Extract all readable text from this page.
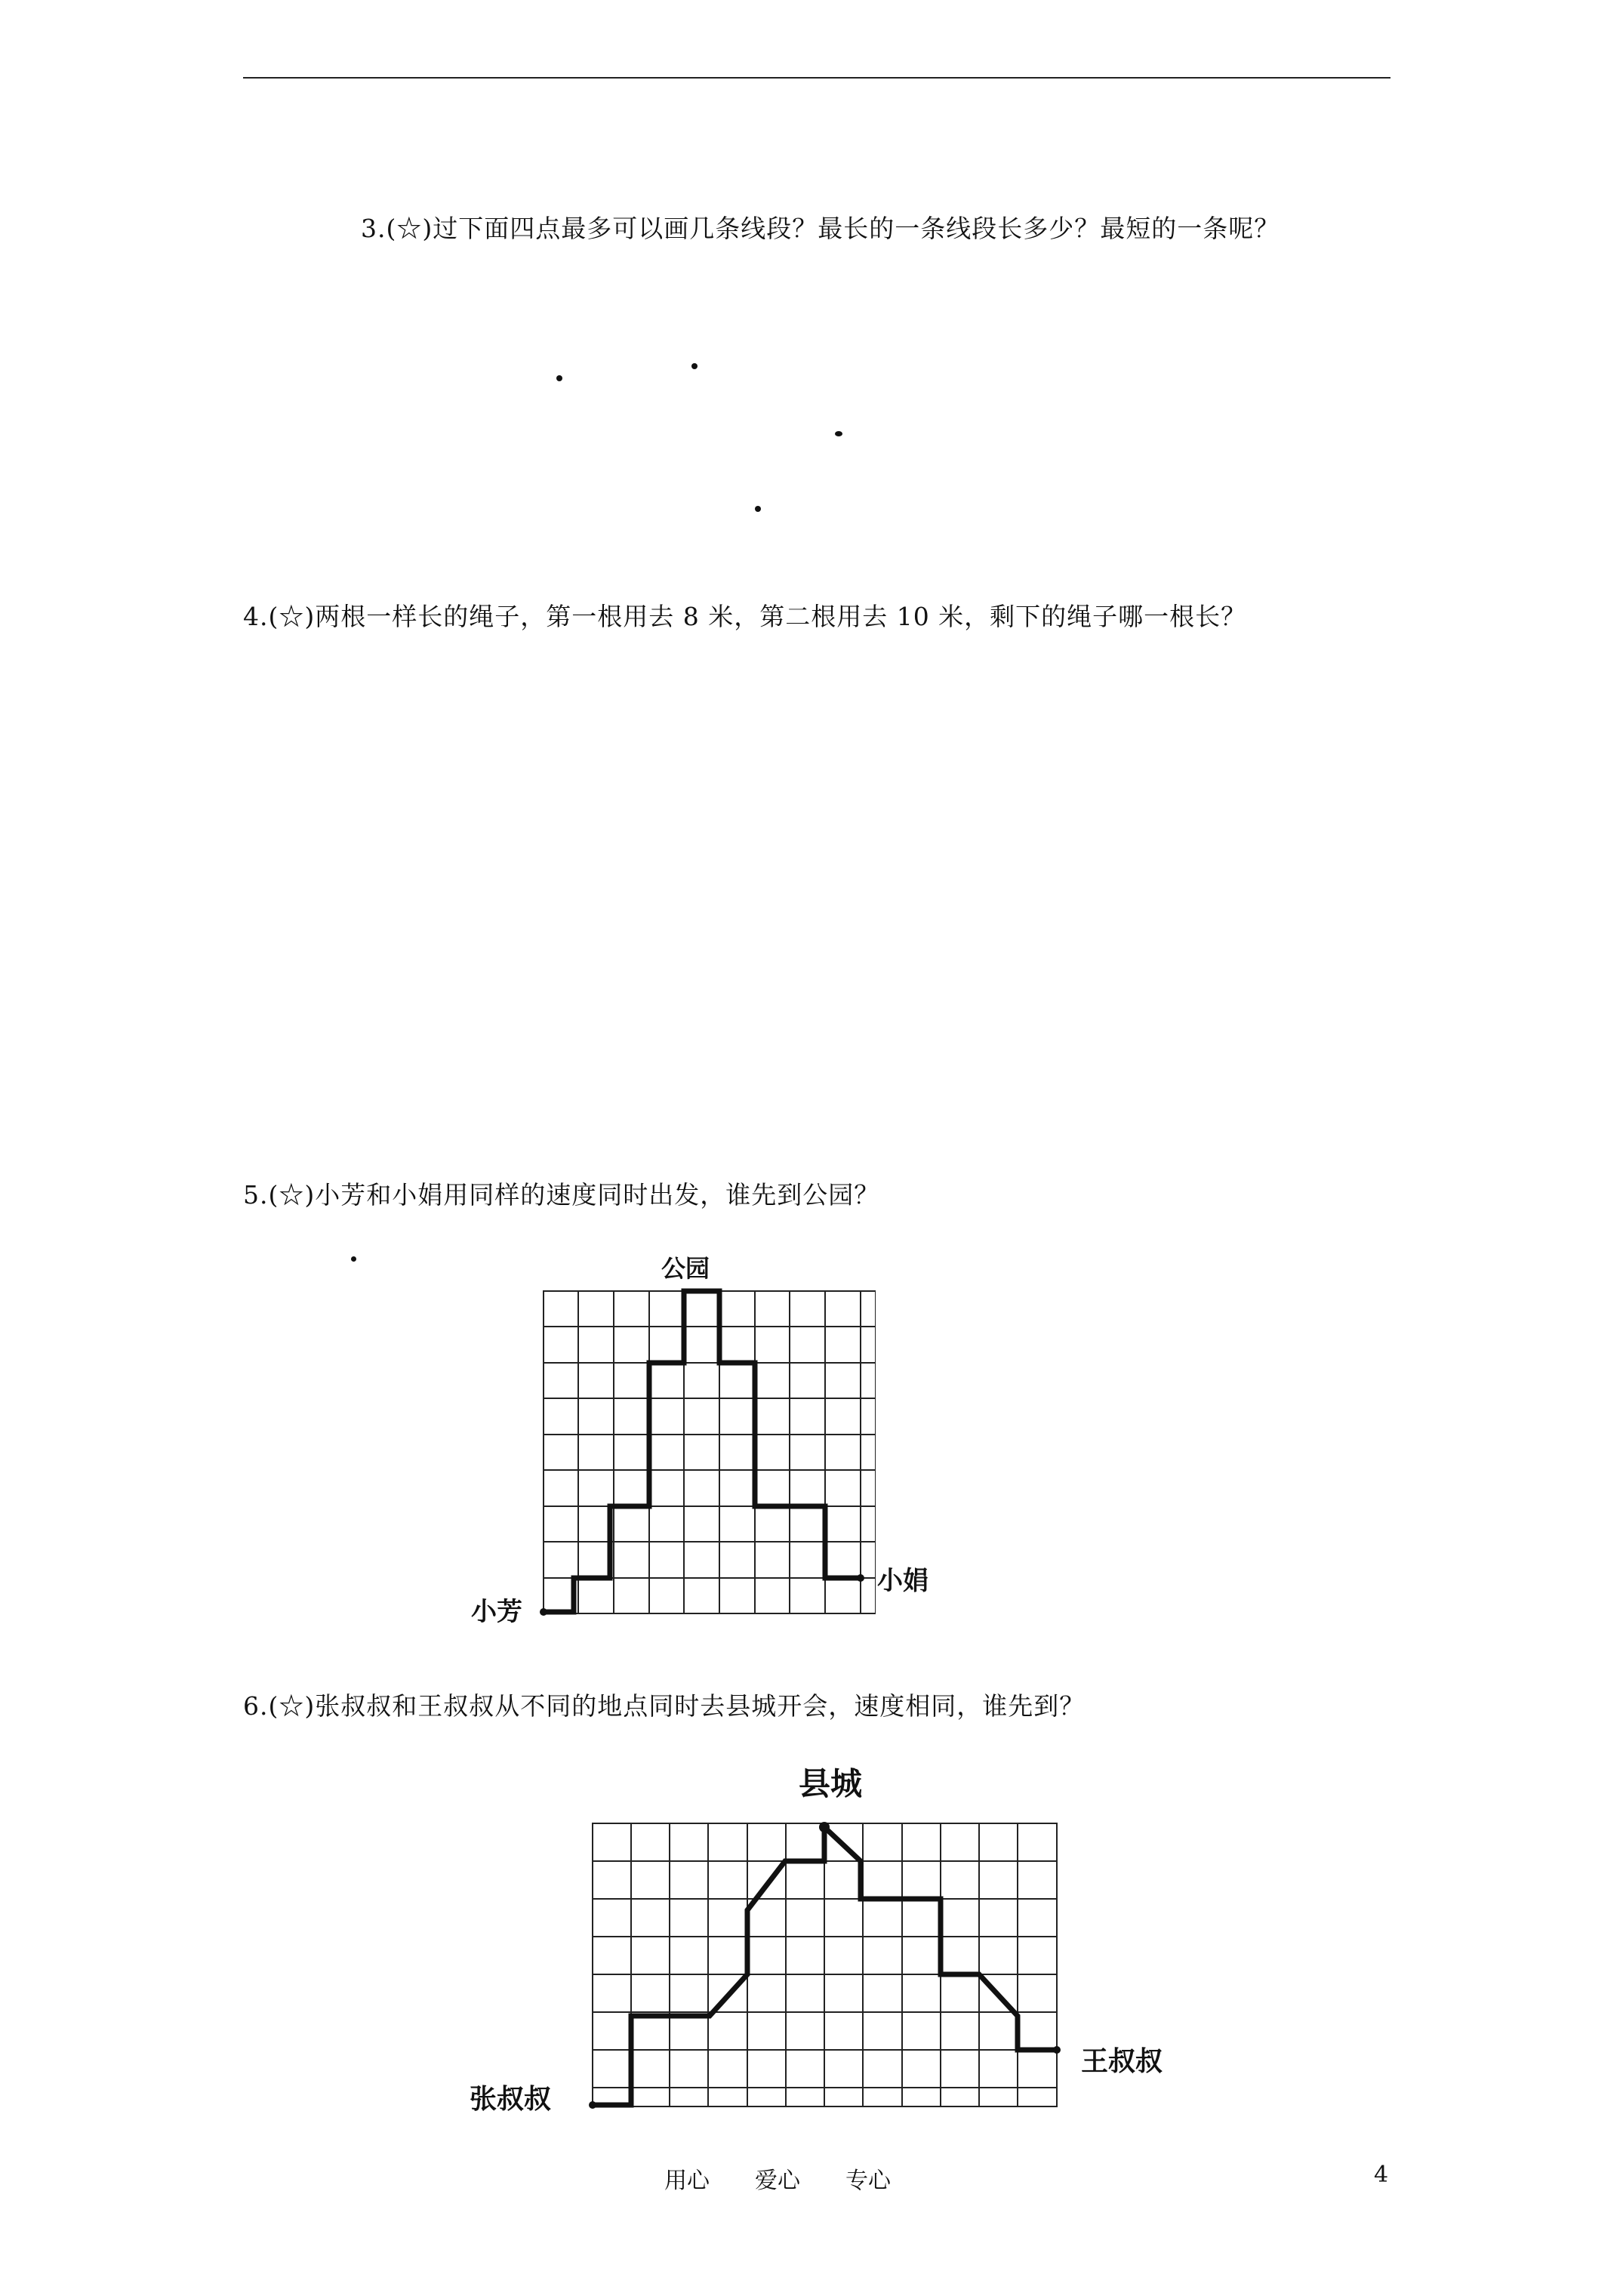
3.(☆)过下面四点最多可以画几条线段？最长的一条线段长多少？最短的一条呢？
4.(☆)两根一样长的绳子，第一根用去 8 米，第二根用去 10 米，剩下的绳子哪一根长？
5.(☆)小芳和小娟用同样的速度同时出发，谁先到公园？
公园
小芳
小娟
6.(☆)张叔叔和王叔叔从不同的地点同时去县城开会，速度相同，谁先到？
县城
张叔叔
王叔叔
用心　　爱心　　专心	4
